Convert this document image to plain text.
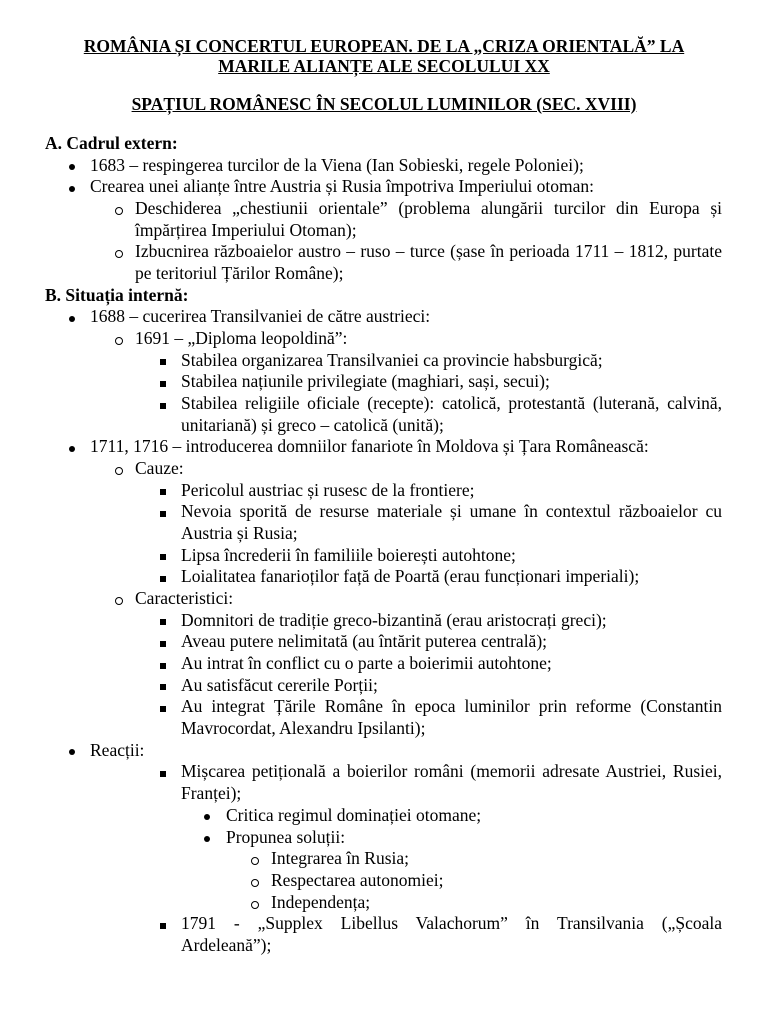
ROMÂNIA ȘI CONCERTUL EUROPEAN. DE LA „CRIZA ORIENTALĂ” LA
MARILE ALIANȚE ALE SECOLULUI XX
SPAȚIUL ROMÂNESC ÎN SECOLUL LUMINILOR (SEC. XVIII)
A. Cadrul extern:
1683 – respingerea turcilor de la Viena (Ian Sobieski, regele Poloniei);
Crearea unei alianțe între Austria și Rusia împotriva Imperiului otoman:
Deschiderea „chestiunii orientale” (problema alungării turcilor din Europa și
împărțirea Imperiului Otoman);
Izbucnirea războaielor austro – ruso – turce (șase în perioada 1711 – 1812, purtate
pe teritoriul Țărilor Române);
B. Situația internă:
1688 – cucerirea Transilvaniei de către austrieci:
1691 – „Diploma leopoldină”:
Stabilea organizarea Transilvaniei ca provincie habsburgică;
Stabilea națiunile privilegiate (maghiari, sași, secui);
Stabilea religiile oficiale (recepte): catolică, protestantă (luterană, calvină,
unitariană) și greco – catolică (unită);
1711, 1716 – introducerea domniilor fanariote în Moldova și Țara Românească:
Cauze:
Pericolul austriac și rusesc de la frontiere;
Nevoia sporită de resurse materiale și umane în contextul războaielor cu
Austria și Rusia;
Lipsa încrederii în familiile boierești autohtone;
Loialitatea fanarioților față de Poartă (erau funcționari imperiali);
Caracteristici:
Domnitori de tradiție greco-bizantină (erau aristocrați greci);
Aveau putere nelimitată (au întărit puterea centrală);
Au intrat în conflict cu o parte a boierimii autohtone;
Au satisfăcut cererile Porții;
Au integrat Țările Române în epoca luminilor prin reforme (Constantin
Mavrocordat, Alexandru Ipsilanti);
Reacții:
Mișcarea petițională a boierilor români (memorii adresate Austriei, Rusiei,
Franței);
Critica regimul dominației otomane;
Propunea soluții:
Integrarea în Rusia;
Respectarea autonomiei;
Independența;
1791 - „Supplex Libellus Valachorum” în Transilvania („Școala
Ardeleană”);
